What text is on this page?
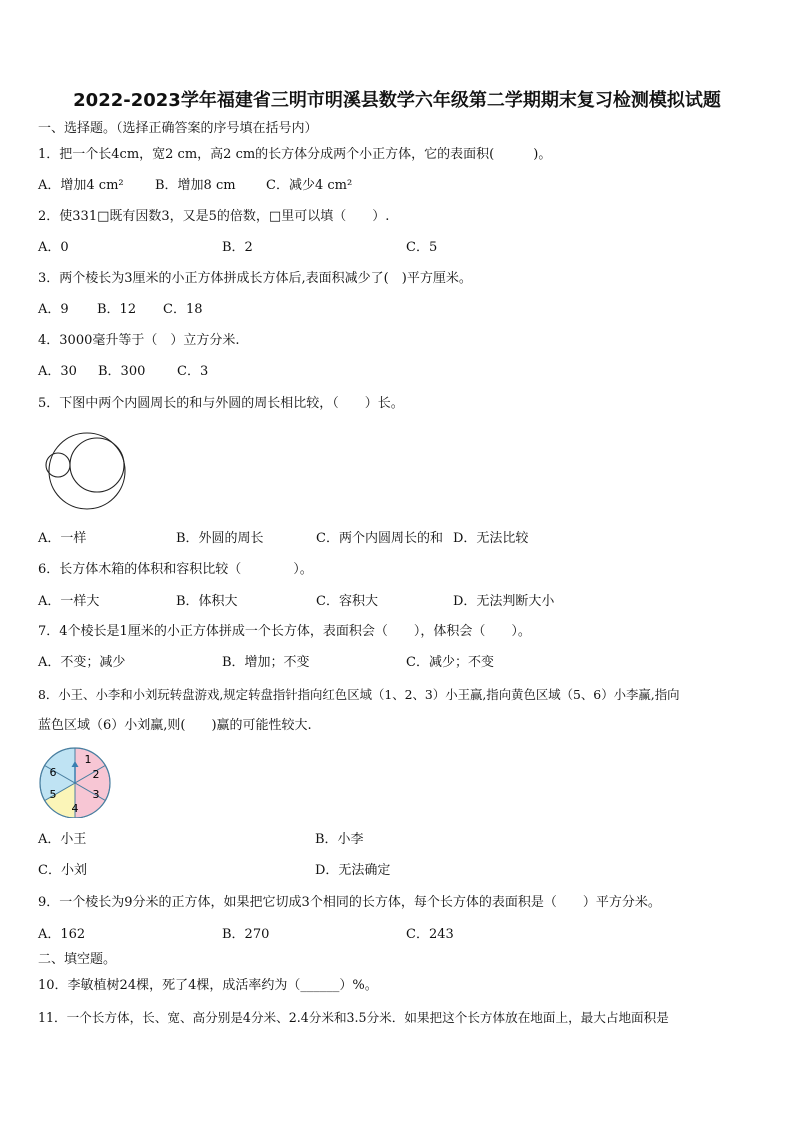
2022-2023学年福建省三明市明溪县数学六年级第二学期期末复习检测模拟试题
一、选择题。（选择正确答案的序号填在括号内）
1．把一个长4cm，宽2 cm，高2 cm的长方体分成两个小正方体，它的表面积(　　　)。
A．增加4 cm² B．增加8 cm C．减少4 cm²
2．使331□既有因数3，又是5的倍数，□里可以填（　　）.
A．0	B．2	C．5
3．两个棱长为3厘米的小正方体拼成长方体后,表面积减少了(　)平方厘米。
A．9 B．12 C．18
4．3000毫升等于（　）立方分米.
A．30 B．300 C．3
5．下图中两个内圆周长的和与外圆的周长相比较，（　　）长。
A．一样	B．外圆的周长	C．两个内圆周长的和 D．无法比较
6．长方体木箱的体积和容积比较（　　　　）。
A．一样大	B．体积大	C．容积大	D．无法判断大小
7．4个棱长是1厘米的小正方体拼成一个长方体，表面积会（　　），体积会（　　）。
A．不变；减少	B．增加；不变	C．减少；不变
8．小王、小李和小刘玩转盘游戏,规定转盘指针指向红色区域（1、2、3）小王赢,指向黄色区域（5、6）小李赢,指向
蓝色区域（6）小刘赢,则(　　)赢的可能性较大.
1
2
3
4
5
6
A．小王	B．小李
C．小刘	D．无法确定
9．一个棱长为9分米的正方体，如果把它切成3个相同的长方体，每个长方体的表面积是（　　）平方分米。
A．162	B．270	C．243
二、填空题。
10．李敏植树24棵，死了4棵，成活率约为（______）%。
11．一个长方体，长、宽、高分别是4分米、2.4分米和3.5分米．如果把这个长方体放在地面上，最大占地面积是
